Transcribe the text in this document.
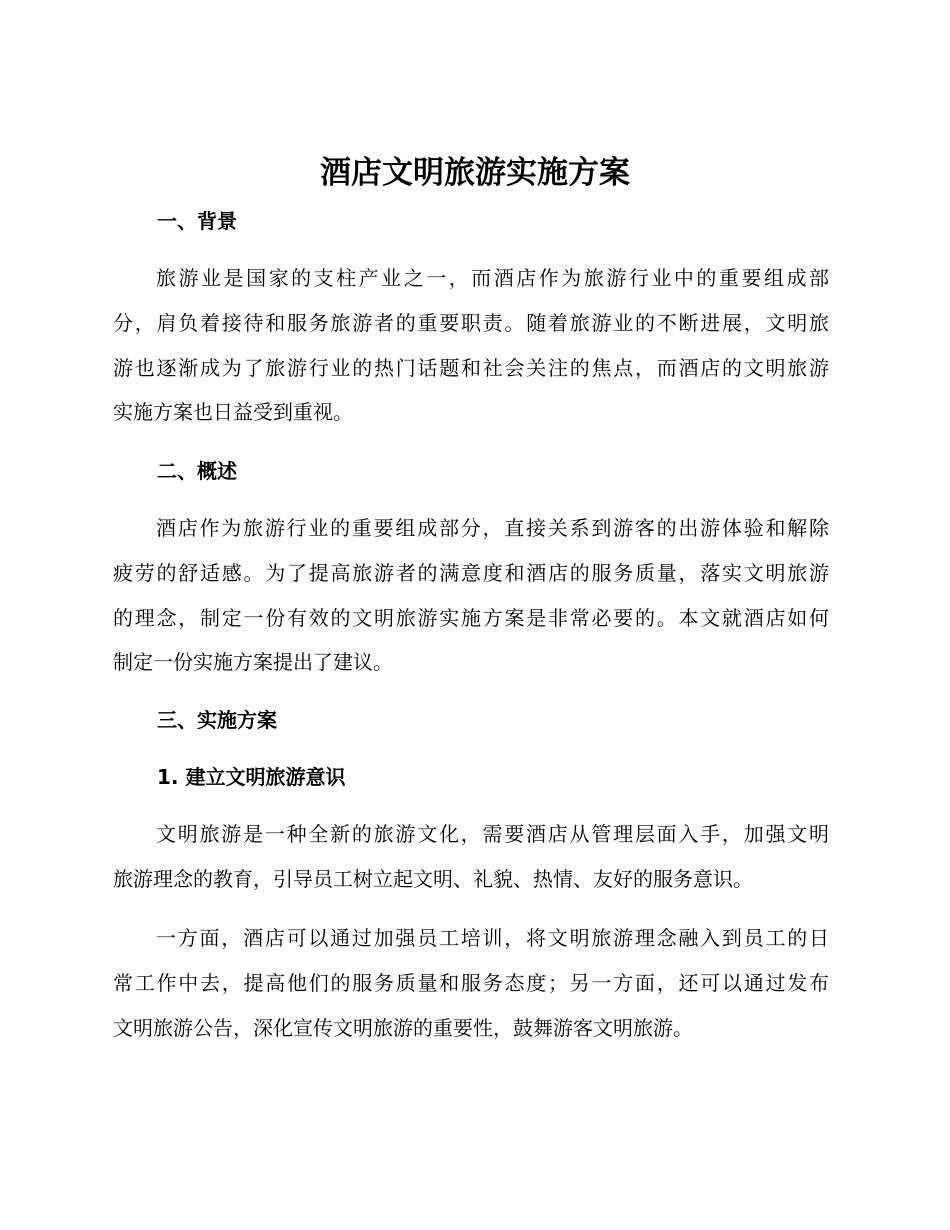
酒店文明旅游实施方案
一、背景
旅游业是国家的支柱产业之一，而酒店作为旅游行业中的重要组成部
分，肩负着接待和服务旅游者的重要职责。随着旅游业的不断进展，文明旅
游也逐渐成为了旅游行业的热门话题和社会关注的焦点，而酒店的文明旅游
实施方案也日益受到重视。
二、概述
酒店作为旅游行业的重要组成部分，直接关系到游客的出游体验和解除
疲劳的舒适感。为了提高旅游者的满意度和酒店的服务质量，落实文明旅游
的理念，制定一份有效的文明旅游实施方案是非常必要的。本文就酒店如何
制定一份实施方案提出了建议。
三、实施方案
1. 建立文明旅游意识
文明旅游是一种全新的旅游文化，需要酒店从管理层面入手，加强文明
旅游理念的教育，引导员工树立起文明、礼貌、热情、友好的服务意识。
一方面，酒店可以通过加强员工培训，将文明旅游理念融入到员工的日
常工作中去，提高他们的服务质量和服务态度；另一方面，还可以通过发布
文明旅游公告，深化宣传文明旅游的重要性，鼓舞游客文明旅游。
